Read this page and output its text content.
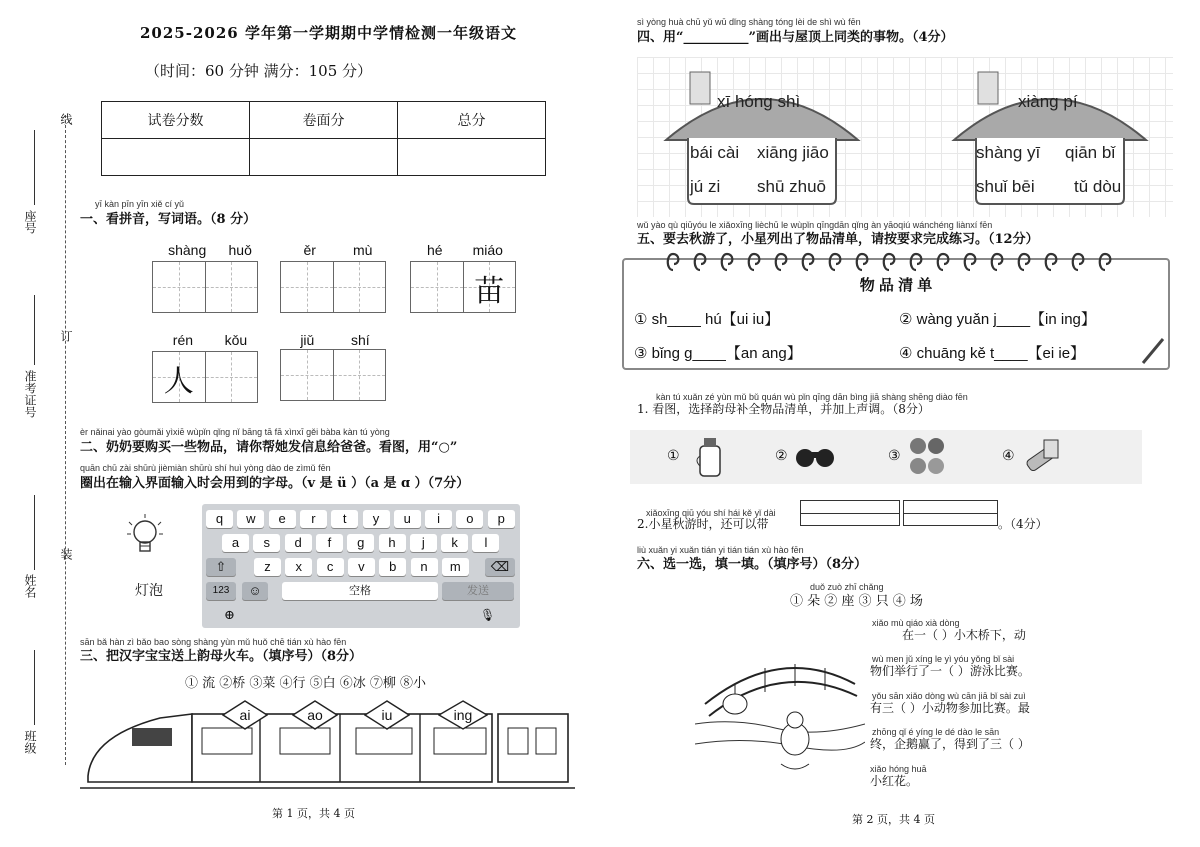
2025-2026 学年第一学期期中学情检测一年级语文
（时间：60 分钟 满分：105 分）
试卷分数	卷面分	总分

线
订
装
座号
准考证号
姓名
班级
yī kàn pīn yīn xiě cí yǔ
一、看拼音，写词语。（8 分）
shàng huǒ	ěr	mù	hé miáo
苗
rén kǒu
人
jiǔ	shí
èr nǎinai yào gòumǎi yìxiē wùpǐn qǐng nǐ bāng tā fā xìnxī gěi bàba kàn tú yòng
二、奶奶要购买一些物品，请你帮她发信息给爸爸。看图，用“○”
quān chū zài shūrù jièmiàn shūrù shí huì yòng dào de zìmǔ fēn
圈出在输入界面输入时会用到的字母。（v 是 ü ）（a 是 ɑ ）（7分）
灯泡
q	w	e	r	t	y	u	i	o	p
a	s	d	f	g	h	j	k	l
z	x	c	v	b	n	m
⇧	⌫
123	☺	空格	发送
⊕	🎙
sān bǎ hàn zì bǎo bao sòng shàng yùn mǔ huǒ chē tián xù hào fēn
三、把汉字宝宝送上韵母火车。（填序号）（8分）
① 流 ②桥 ③菜 ④行 ⑤白 ⑥冰 ⑦柳 ⑧小
ai	ao	iu	ing
第 1 页，共 4 页
sì yòng huà chū yǔ wū dǐng shàng tóng lèi de shì wù fēn
四、用“__________”画出与屋顶上同类的事物。（4分）
xī hóng shì
bái cài xiāng jiāo
jú zi shū zhuō
xiàng pí
shàng yī qiān bǐ
shuǐ bēi tǔ dòu
wǔ yào qù qiūyóu le xiǎoxīng lièchū le wùpǐn qīngdān qǐng àn yāoqiú wánchéng liànxí fēn
五、要去秋游了，小星列出了物品清单，请按要求完成练习。（12分）
物 品 清 单
① sh____ hú【ui iu】	② wàng yuǎn j____【in ing】
③ bǐng g____【an ang】	④ chuāng kě t____【ei ie】
kàn tú xuǎn zé yùn mǔ bǔ quán wù pǐn qīng dān bìng jiā shàng shēng diào fēn
1. 看图，选择韵母补全物品清单，并加上声调。（8分）
①	②	③	④
xiǎoxīng qiū yóu shí hái kě yǐ dài
2.小星秋游时，还可以带	。（4分）
liù xuǎn yi xuǎn tián yi tián tián xù hào fēn
六、选一选，填一填。（填序号）（8分）
duǒ zuò zhī chǎng
① 朵 ② 座 ③ 只 ④ 场
xiǎo mù qiáo xià dòng
在一（ ）小木桥下，动
wù men jǔ xíng le yì yóu yǒng bǐ sài
物们举行了一（ ）游泳比赛。
yǒu sān xiǎo dòng wù cān jiā bǐ sài zuì
有三（ ）小动物参加比赛。最
zhōng qǐ é yíng le dé dào le sān
终，企鹅赢了，得到了三（ ）
xiǎo hóng huā
小红花。
第 2 页，共 4 页
